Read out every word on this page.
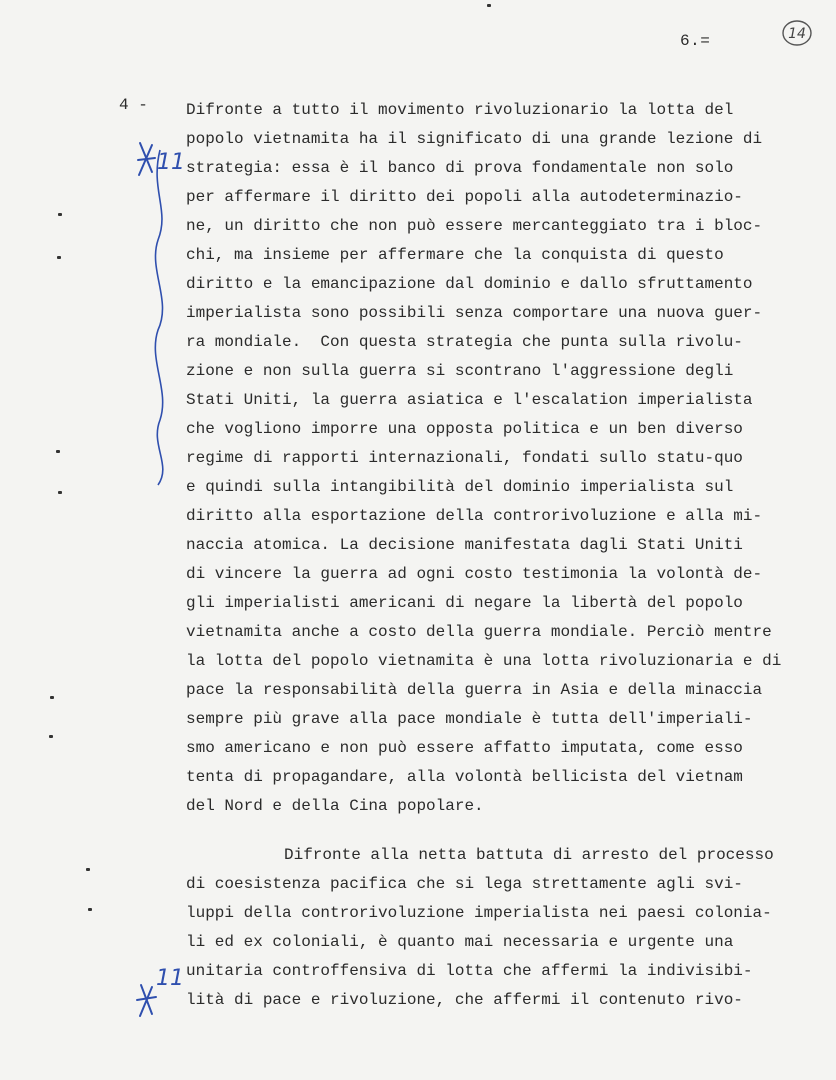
6.=	14
4 - Difronte a tutto il movimento rivoluzionario la lotta del
popolo vietnamita ha il significato di una grande lezione di
strategia: essa è il banco di prova fondamentale non solo
per affermare il diritto dei popoli alla autodeterminazio-
ne, un diritto che non può essere mercanteggiato tra i bloc-
chi, ma insieme per affermare che la conquista di questo
diritto e la emancipazione dal dominio e dallo sfruttamento
imperialista sono possibili senza comportare una nuova guer-
ra mondiale.  Con questa strategia che punta sulla rivolu-
zione e non sulla guerra si scontrano l'aggressione degli
Stati Uniti, la guerra asiatica e l'escalation imperialista
che vogliono imporre una opposta politica e un ben diverso
regime di rapporti internazionali, fondati sullo statu-quo
e quindi sulla intangibilità del dominio imperialista sul
diritto alla esportazione della controrivoluzione e alla mi-
naccia atomica. La decisione manifestata dagli Stati Uniti
di vincere la guerra ad ogni costo testimonia la volontà de-
gli imperialisti americani di negare la libertà del popolo
vietnamita anche a costo della guerra mondiale. Perciò mentre
la lotta del popolo vietnamita è una lotta rivoluzionaria e di
pace la responsabilità della guerra in Asia e della minaccia
sempre più grave alla pace mondiale è tutta dell'imperiali-
smo americano e non può essere affatto imputata, come esso
tenta di propagandare, alla volontà bellicista del vietnam
del Nord e della Cina popolare.
Difronte alla netta battuta di arresto del processo
di coesistenza pacifica che si lega strettamente agli svi-
luppi della controrivoluzione imperialista nei paesi colonia-
li ed ex coloniali, è quanto mai necessaria e urgente una
unitaria controffensiva di lotta che affermi la indivisibi-
lità di pace e rivoluzione, che affermi il contenuto rivo-
11
11
